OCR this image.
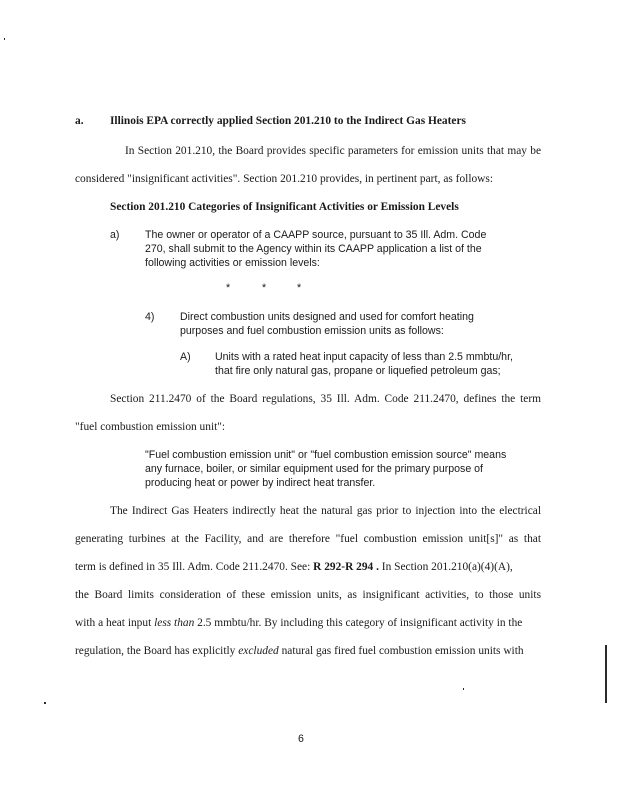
a. Illinois EPA correctly applied Section 201.210 to the Indirect Gas Heaters
In Section 201.210, the Board provides specific parameters for emission units that may be
considered "insignificant activities". Section 201.210 provides, in pertinent part, as follows:
Section 201.210 Categories of Insignificant Activities or Emission Levels
a) The owner or operator of a CAAPP source, pursuant to 35 Ill. Adm. Code
270, shall submit to the Agency within its CAAPP application a list of the
following activities or emission levels:
*	*	*
4) Direct combustion units designed and used for comfort heating
purposes and fuel combustion emission units as follows:
A) Units with a rated heat input capacity of less than 2.5 mmbtu/hr,
that fire only natural gas, propane or liquefied petroleum gas;
Section 211.2470 of the Board regulations, 35 Ill. Adm. Code 211.2470, defines the term
"fuel combustion emission unit":
"Fuel combustion emission unit" or "fuel combustion emission source" means
any furnace, boiler, or similar equipment used for the primary purpose of
producing heat or power by indirect heat transfer.
The Indirect Gas Heaters indirectly heat the natural gas prior to injection into the electrical
generating turbines at the Facility, and are therefore "fuel combustion emission unit[s]" as that
term is defined in 35 Ill. Adm. Code 211.2470. See: R 292-R 294 . In Section 201.210(a)(4)(A),
the Board limits consideration of these emission units, as insignificant activities, to those units
with a heat input less than 2.5 mmbtu/hr. By including this category of insignificant activity in the
regulation, the Board has explicitly excluded natural gas fired fuel combustion emission units with
6
